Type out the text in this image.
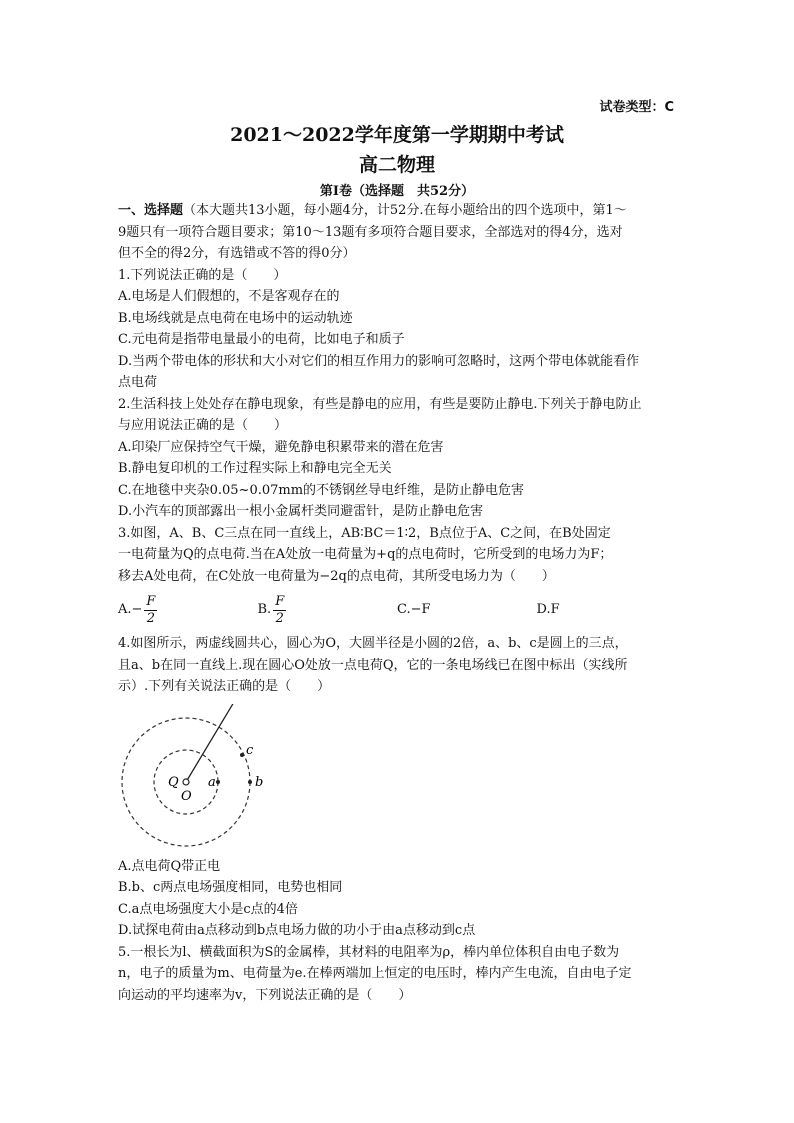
试卷类型：C
2021～2022学年度第一学期期中考试
高二物理
第Ⅰ卷（选择题　共52分）
一、选择题（本大题共13小题，每小题4分，计52分.在每小题给出的四个选项中，第1～
9题只有一项符合题目要求；第10～13题有多项符合题目要求，全部选对的得4分，选对
但不全的得2分，有选错或不答的得0分）
1.下列说法正确的是（　　）
A.电场是人们假想的，不是客观存在的
B.电场线就是点电荷在电场中的运动轨迹
C.元电荷是指带电量最小的电荷，比如电子和质子
D.当两个带电体的形状和大小对它们的相互作用力的影响可忽略时，这两个带电体就能看作
点电荷
2.生活科技上处处存在静电现象，有些是静电的应用，有些是要防止静电.下列关于静电防止
与应用说法正确的是（　　）
A.印染厂应保持空气干燥，避免静电积累带来的潜在危害
B.静电复印机的工作过程实际上和静电完全无关
C.在地毯中夹杂0.05~0.07mm的不锈钢丝导电纤维，是防止静电危害
D.小汽车的顶部露出一根小金属杆类同避雷针，是防止静电危害
3.如图，A、B、C三点在同一直线上，AB∶BC＝1∶2，B点位于A、C之间，在B处固定
一电荷量为Q的点电荷.当在A处放一电荷量为+q的点电荷时，它所受到的电场力为F；
移去A处电荷，在C处放一电荷量为−2q的点电荷，其所受电场力为（　　）
$A.- \frac{F}{2}$	B. $\frac{F}{2}$	C.−F	D.F
4.如图所示，两虚线圆共心，圆心为O，大圆半径是小圆的2倍，a、b、c是圆上的三点，
且a、b在同一直线上.现在圆心O处放一点电荷Q，它的一条电场线已在图中标出（实线所
示）.下列有关说法正确的是（　　）
Q
O
a	b
c
A.点电荷Q带正电
B.b、c两点电场强度相同，电势也相同
C.a点电场强度大小是c点的4倍
D.试探电荷由a点移动到b点电场力做的功小于由a点移动到c点
5.一根长为l、横截面积为S的金属棒，其材料的电阻率为ρ，棒内单位体积自由电子数为
n，电子的质量为m、电荷量为e.在棒两端加上恒定的电压时，棒内产生电流，自由电子定
向运动的平均速率为v，下列说法正确的是（　　）
